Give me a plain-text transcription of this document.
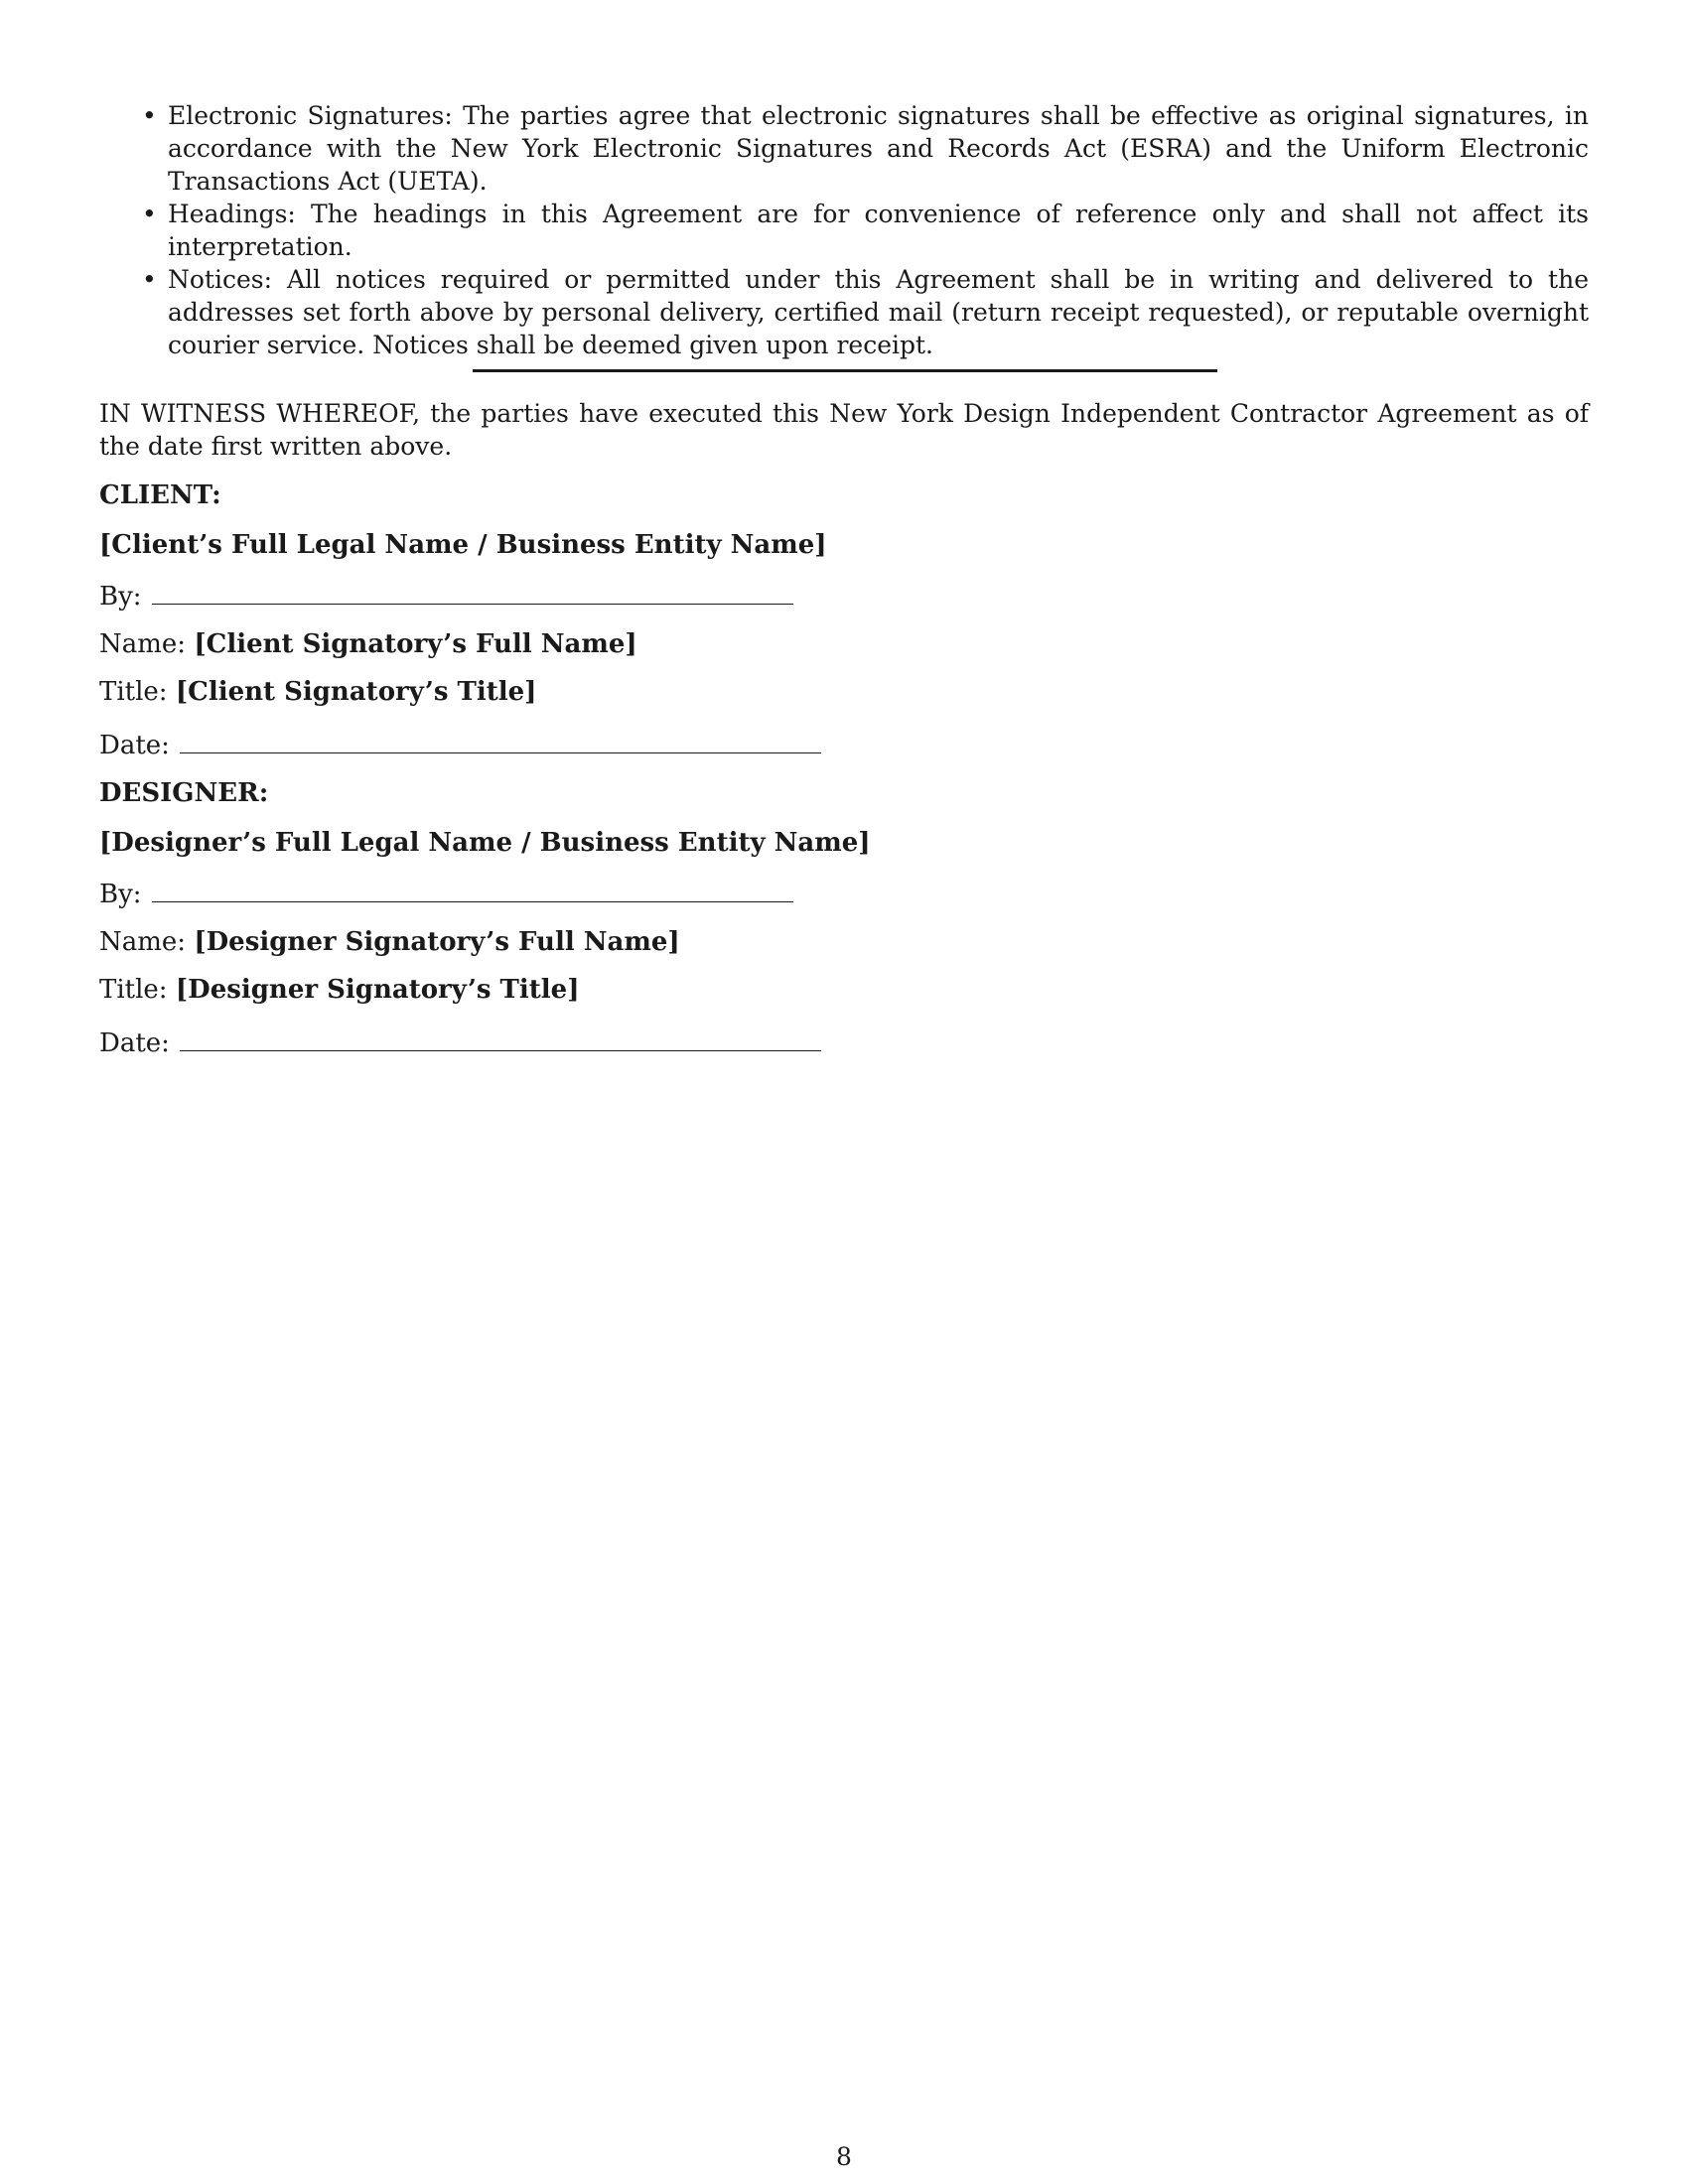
• Electronic Signatures: The parties agree that electronic signatures shall be effective as original signatures, in accordance with the New York Electronic Signatures and Records Act (ESRA) and the Uniform Electronic Transactions Act (UETA).
• Headings: The headings in this Agreement are for convenience of reference only and shall not affect its interpretation.
• Notices: All notices required or permitted under this Agreement shall be in writing and delivered to the addresses set forth above by personal delivery, certified mail (return receipt requested), or reputable overnight courier service. Notices shall be deemed given upon receipt.
IN WITNESS WHEREOF, the parties have executed this New York Design Independent Contractor Agreement as of the date first written above.
CLIENT:
[Client’s Full Legal Name / Business Entity Name]
By:
Name: [Client Signatory’s Full Name]
Title: [Client Signatory’s Title]
Date:
DESIGNER:
[Designer’s Full Legal Name / Business Entity Name]
By:
Name: [Designer Signatory’s Full Name]
Title: [Designer Signatory’s Title]
Date:
8
